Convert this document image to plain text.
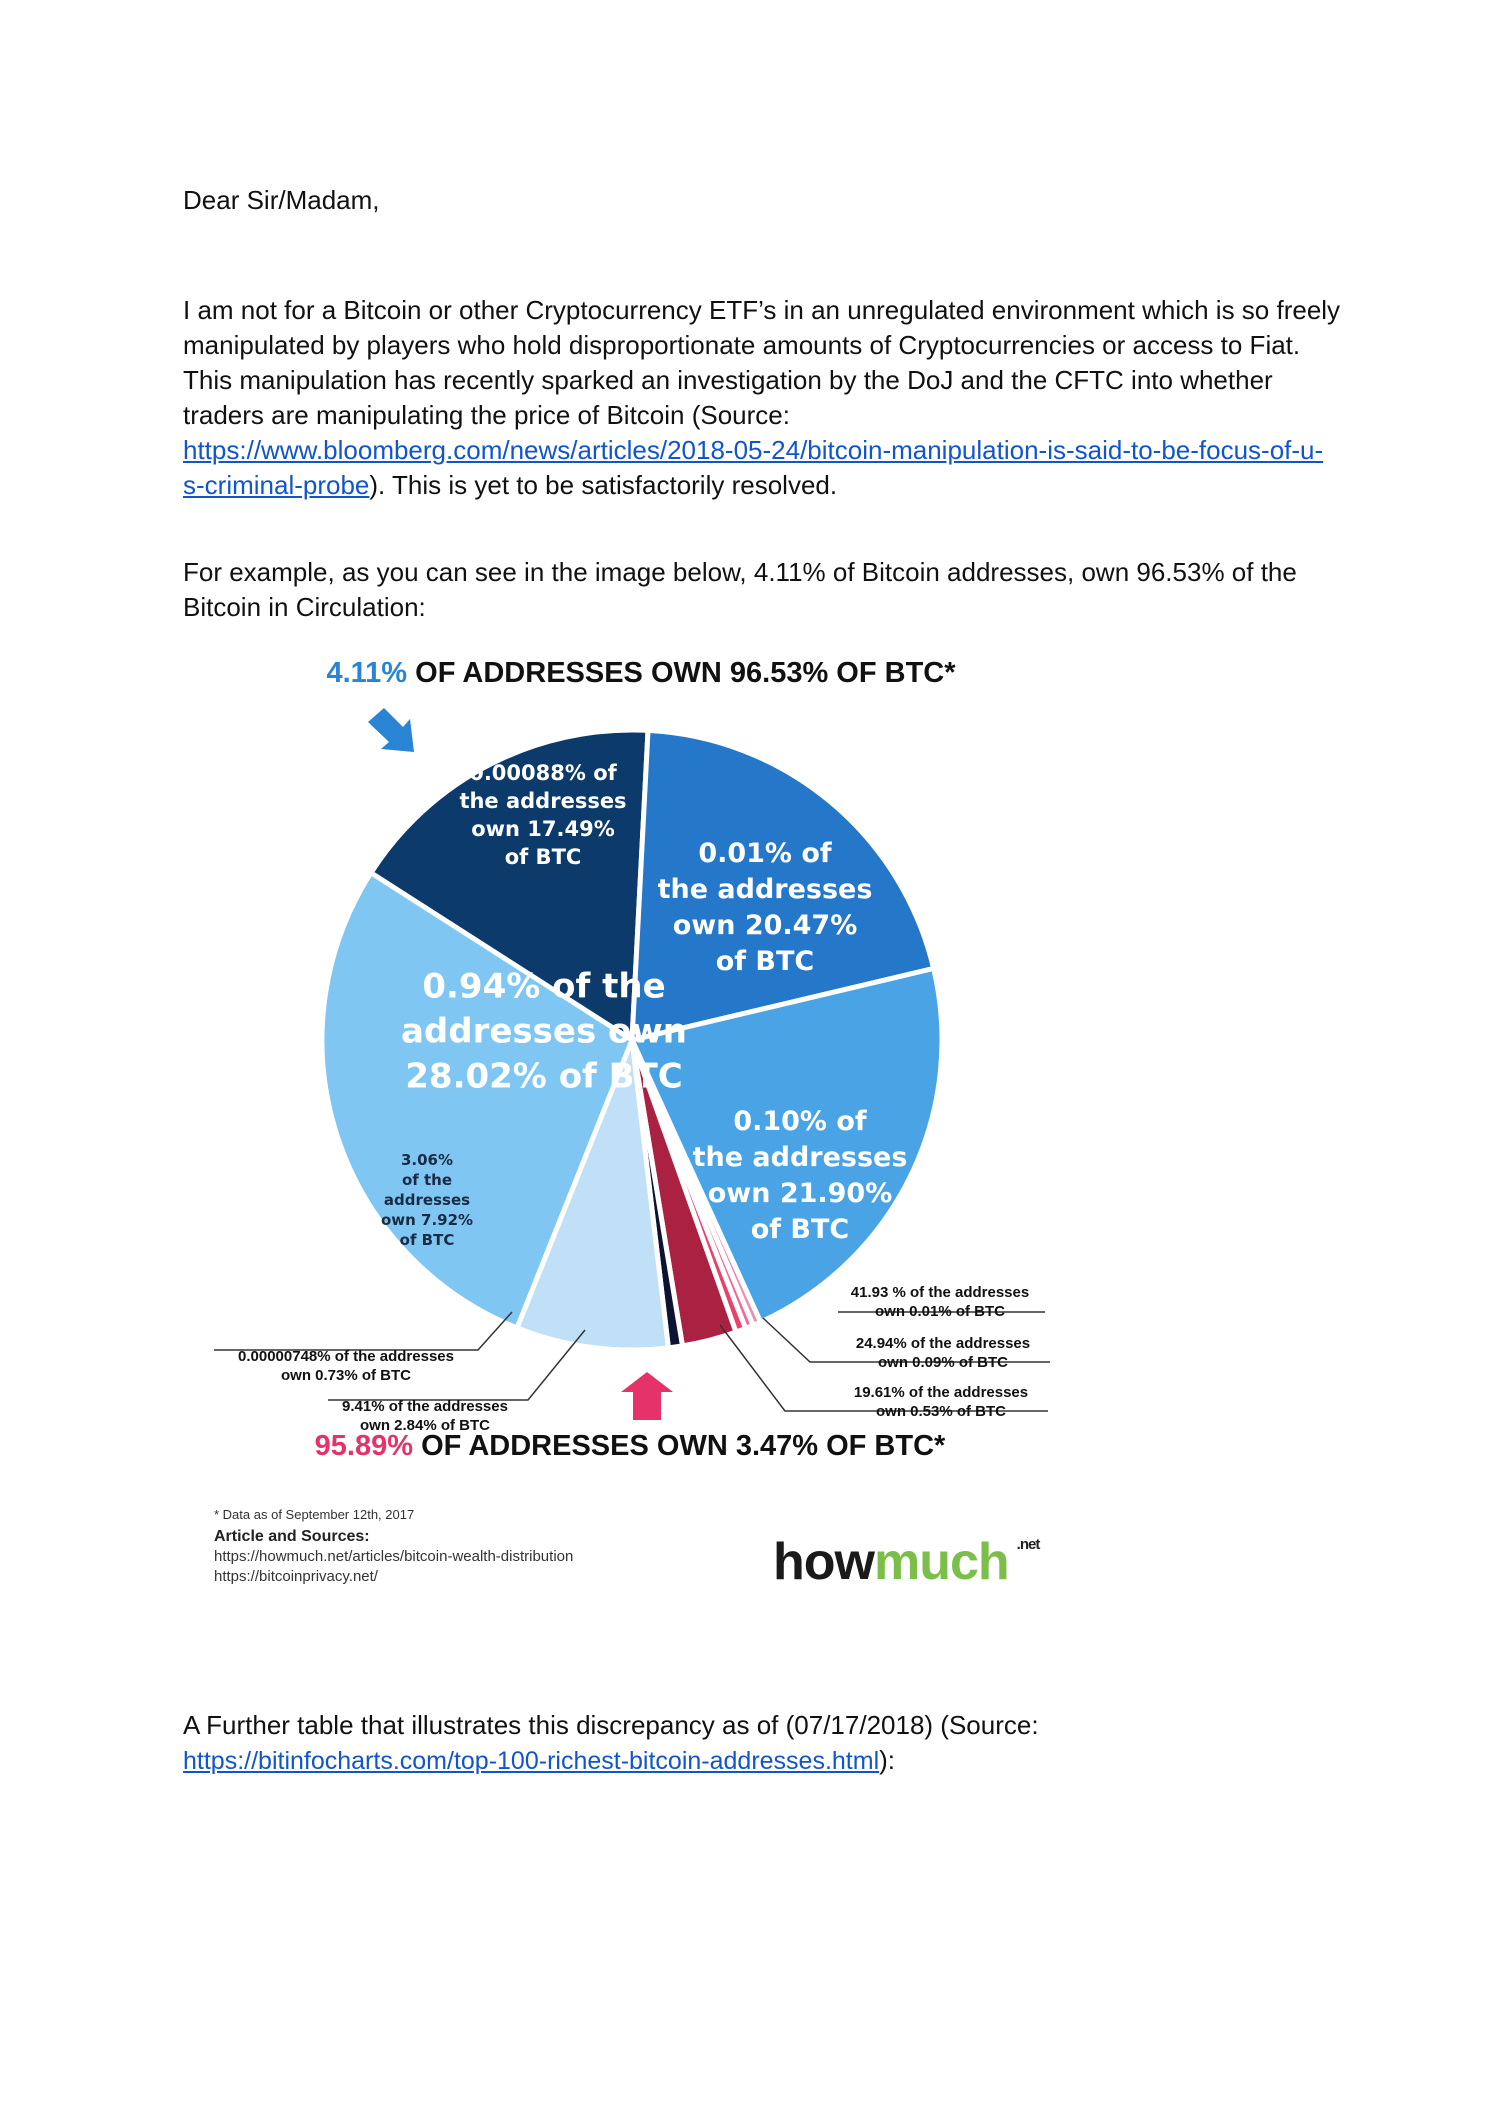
Dear Sir/Madam,
I am not for a Bitcoin or other Cryptocurrency ETF’s in an unregulated environment which is so freely manipulated by players who hold disproportionate amounts of Cryptocurrencies or access to Fiat. This manipulation has recently sparked an investigation by the DoJ and the CFTC into whether traders are manipulating the price of Bitcoin (Source: https://www.bloomberg.com/news/articles/2018-05-24/bitcoin-manipulation-is-said-to-be-focus-of-u-s-criminal-probe). This is yet to be satisfactorily resolved.
For example, as you can see in the image below, 4.11% of Bitcoin addresses, own 96.53% of the Bitcoin in Circulation:
4.11% OF ADDRESSES OWN 96.53% OF BTC*
0.00088% of
the addresses
own 17.49%
of BTC	0.01% of
the addresses
own 20.47%
of BTC
0.10% of
the addresses
own 21.90%
of BTC
0.94% of the
addresses own
28.02% of BTC
3.06%
of the
addresses
own 7.92%
of BTC
0.00000748% of the addresses
own 0.73% of BTC
9.41% of the addresses
own 2.84% of BTC
41.93 % of the addresses
own 0.01% of BTC
24.94% of the addresses
own 0.09% of BTC
19.61% of the addresses
own 0.53% of BTC
95.89% OF ADDRESSES OWN 3.47% OF BTC*
* Data as of September 12th, 2017
Article and Sources:
https://howmuch.net/articles/bitcoin-wealth-distribution
https://bitcoinprivacy.net/	howmuch $^{.net}$
A Further table that illustrates this discrepancy as of (07/17/2018) (Source:
https://bitinfocharts.com/top-100-richest-bitcoin-addresses.html):
